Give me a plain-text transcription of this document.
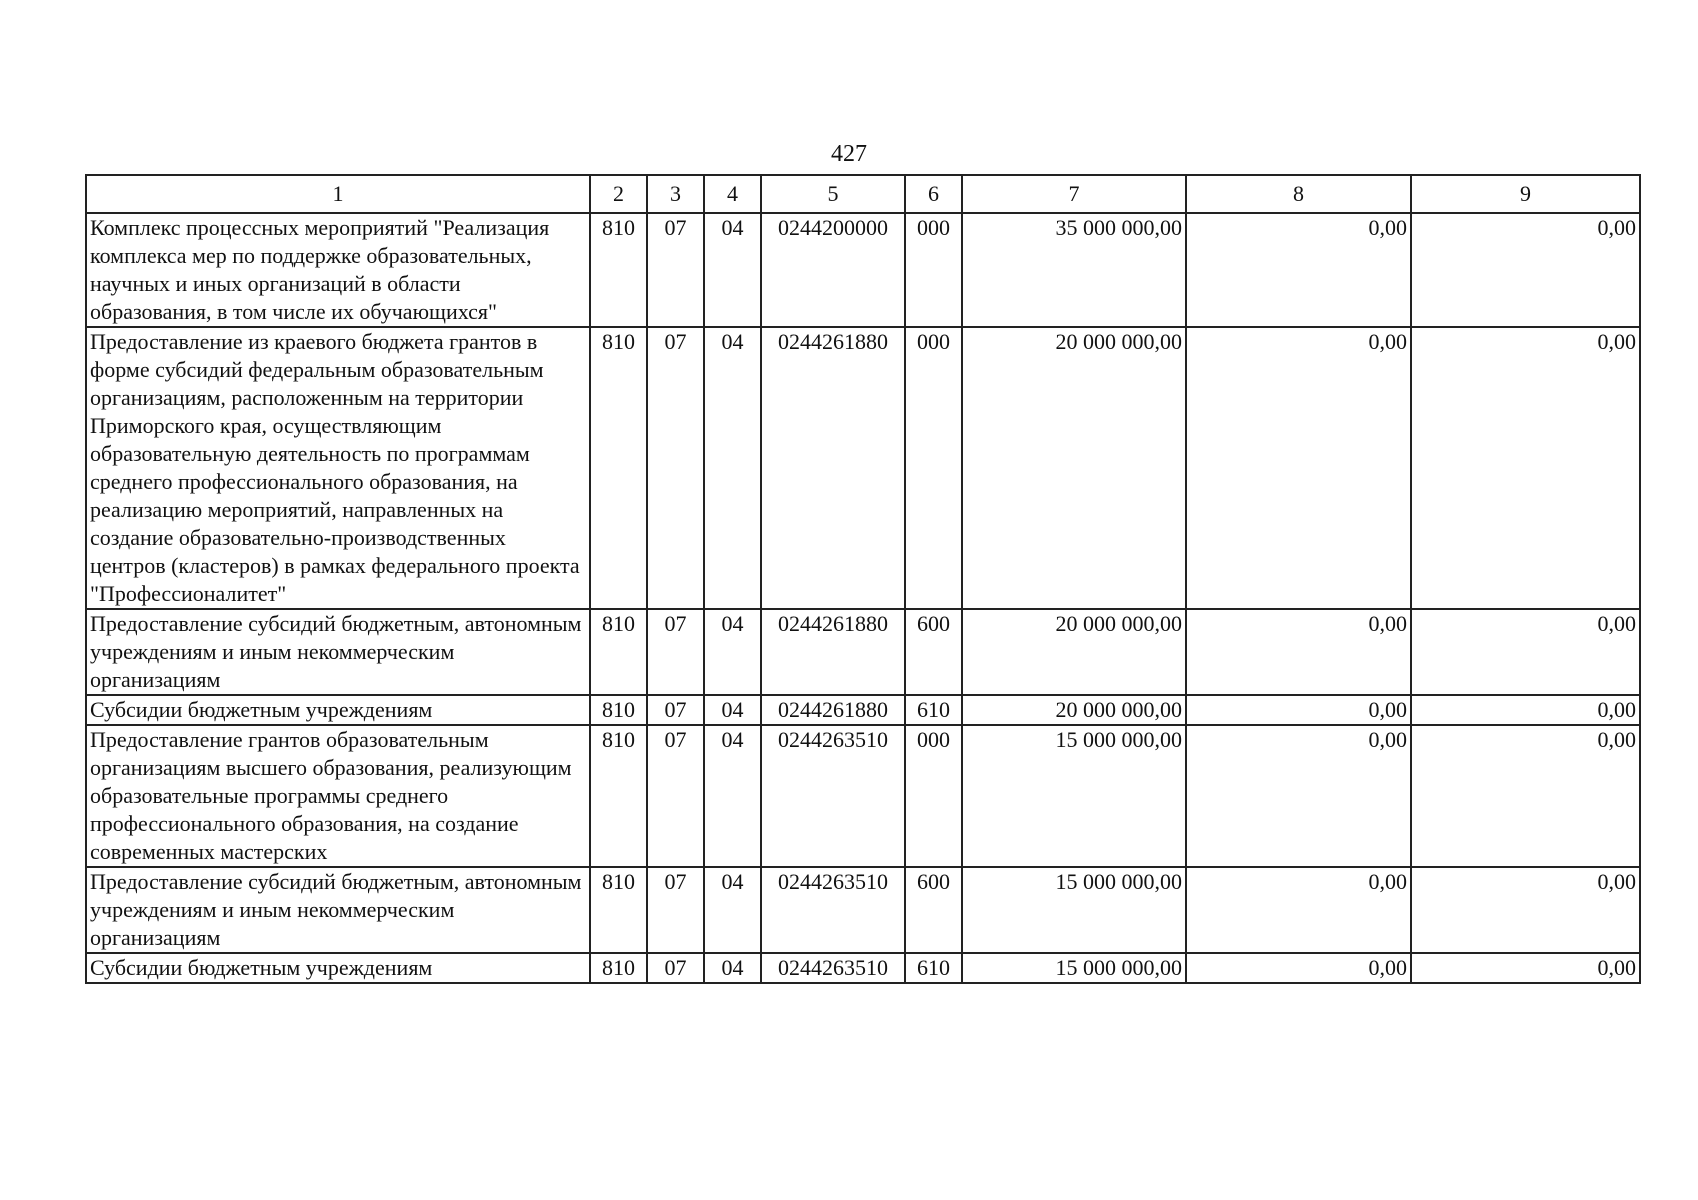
427
1	2	3	4	5	6	7	8	9
Комплекс процессных мероприятий "Реализация комплекса мер по поддержке образовательных, научных и иных организаций в области образования, в том числе их обучающихся"	810	07	04	0244200000	000	35 000 000,00	0,00	0,00
Предоставление из краевого бюджета грантов в форме субсидий федеральным образовательным организациям, расположенным на территории Приморского края, осуществляющим образовательную деятельность по программам среднего профессионального образования, на реализацию мероприятий, направленных на создание образовательно-производственных центров (кластеров) в рамках федерального проекта "Профессионалитет"	810	07	04	0244261880	000	20 000 000,00	0,00	0,00
Предоставление субсидий бюджетным, автономным учреждениям и иным некоммерческим организациям	810	07	04	0244261880	600	20 000 000,00	0,00	0,00
Субсидии бюджетным учреждениям	810	07	04	0244261880	610	20 000 000,00	0,00	0,00
Предоставление грантов образовательным организациям высшего образования, реализующим образовательные программы среднего профессионального образования, на создание современных мастерских	810	07	04	0244263510	000	15 000 000,00	0,00	0,00
Предоставление субсидий бюджетным, автономным учреждениям и иным некоммерческим организациям	810	07	04	0244263510	600	15 000 000,00	0,00	0,00
Субсидии бюджетным учреждениям	810	07	04	0244263510	610	15 000 000,00	0,00	0,00
